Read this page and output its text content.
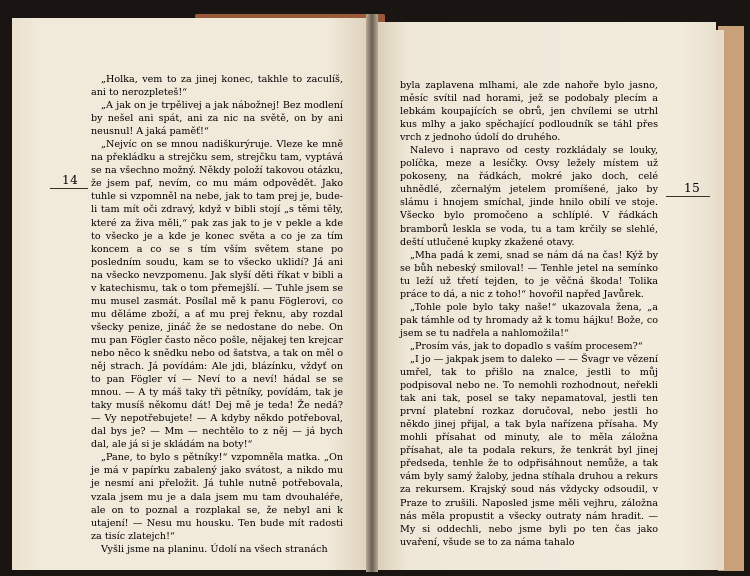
14
15

„Holka, vem to za jinej konec, takhle to zaculíš, ani to nerozpleteš!“

„A jak on je trpělivej a jak nábožnej! Bez modlení by nešel ani spát, ani za nic na světě, on by ani neusnul! A jaká paměť!“

„Nejvíc on se mnou nadiškurýruje. Vleze ke mně na překládku a strejčku sem, strejčku tam, vyptává se na všechno možný. Někdy položí takovou otázku, že jsem paf, nevím, co mu mám odpovědět. Jako tuhle si vzpomněl na nebe, jak to tam prej je, bude-li tam mít oči zdravý, když v bibli stojí „s těmi těly, které za živa měli,“ pak zas jak to je v pekle a kde to všecko je a kde je konec světa a co je za tím koncem a co se s tím vším světem stane po posledním soudu, kam se to všecko uklidí? Já ani na všecko nevzpomenu. Jak slyší děti říkat v bibli a v katechismu, tak o tom přemejšlí. — Tuhle jsem se mu musel zasmát. Posílal mě k panu Föglerovi, co mu děláme zboží, a ať mu prej řeknu, aby rozdal všecky penize, jináč že se nedostane do nebe. On mu pan Fögler často něco pošle, nějakej ten krejcar nebo něco k snědku nebo od šatstva, a tak on měl o něj strach. Já povídám: Ale jdi, blázínku, vždyť on to pan Fögler ví — Neví to a neví! hádal se se mnou. — A ty máš taky tři pětníky, povídám, tak je taky musíš někomu dát! Dej mě je teda! Že nedá? — Vy nepotřebujete! — A kdyby někdo potřeboval, dal bys je? — Mm — nechtělo to z něj — já bych dal, ale já si je skládám na boty!“

„Pane, to bylo s pětníky!“ vzpomněla matka. „On je má v papírku zabalený jako svátost, a nikdo mu je nesmí ani přeložit. Já tuhle nutně potřebovala, vzala jsem mu je a dala jsem mu tam dvouhaléře, ale on to poznal a rozplakal se, že nebyl ani k utajení! — Nesu mu housku. Ten bude mít radosti za tisíc zlatejch!“

Vyšli jsme na planinu. Údolí na všech stranách

byla zaplavena mlhami, ale zde nahoře bylo jasno, měsíc svítil nad horami, jež se podobaly plecím a lebkám koupajících se obrů, jen chvílemi se utrhl kus mlhy a jako spěchající podloudník se táhl přes vrch z jednoho údolí do druhého.

Nalevo i napravo od cesty rozkládaly se louky, políčka, meze a lesíčky. Ovsy ležely místem už pokoseny, na řádkách, mokré jako doch, celé uhnědlé, zčernalým jetelem promíšené, jako by slámu i hnojem smíchal, jinde hnilo obilí ve stoje. Všecko bylo promočeno a schlíplé. V řádkách bramborů leskla se voda, tu a tam krčily se slehlé, deští utlučené kupky zkažené otavy.

„Mha padá k zemi, snad se nám dá na čas! Kýž by se bůh nebeský smiloval! — Tenhle jetel na semínko tu leží už třetí tejden, to je věčná škoda! Tolika práce to dá, a nic z toho!“ hovořil napřed Javůrek.

„Tohle pole bylo taky naše!“ ukazovala žena, „a pak támhle od ty hromady až k tomu hájku! Bože, co jsem se tu nadřela a nahlomožila!“

„Prosím vás, jak to dopadlo s vaším procesem?“

„I jo — jakpak jsem to daleko — — Švagr ve vězení umřel, tak to přišlo na znalce, jestli to můj podpisoval nebo ne. To nemohli rozhodnout, neřekli tak ani tak, posel se taky nepamatoval, jestli ten první platební rozkaz doručoval, nebo jestli ho někdo jinej přijal, a tak byla nařízena přísaha. My mohli přísahat od minuty, ale to měla záložna přísahat, ale ta podala rekurs, že tenkrát byl jinej předseda, tenhle že to odpřisáhnout nemůže, a tak vám byly samý žaloby, jedna stíhala druhou a rekurs za rekursem. Krajský soud nás vždycky odsoudil, v Praze to zrušili. Naposled jsme měli vejhru, záložna nás měla propustit a všecky outraty nám hradit. — My si oddechli, nebo jsme byli po ten čas jako uvaření, všude se to za náma tahalo
